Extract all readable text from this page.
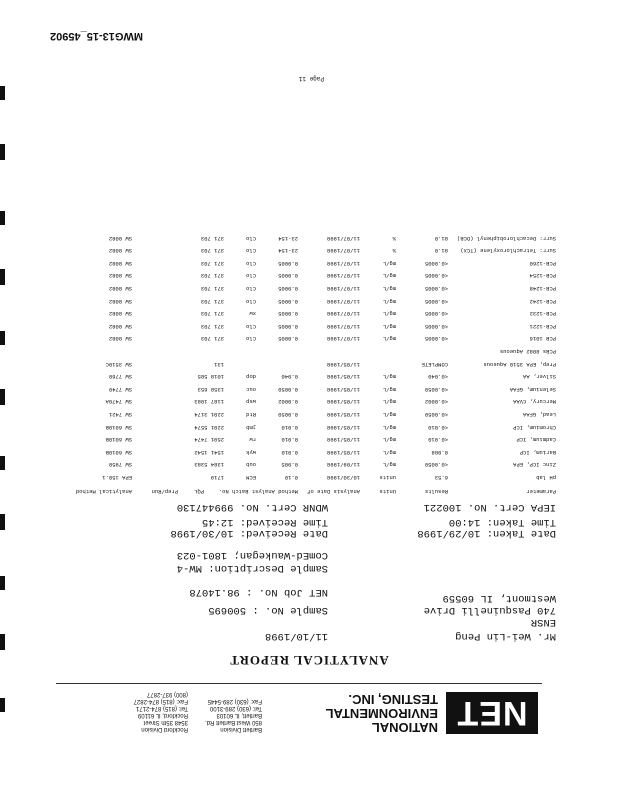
NET
NATIONAL
ENVIRONMENTAL
TESTING, INC.
Bartlett Division
850 West Bartlett Rd.
Bartlett, IL 60103
Tel: (630) 289-3100
Fax: (630) 289-5445
Rockford Division
3548 35th Street
Rockford, IL 61109
Tel: (815) 874-2171
Fax: (815) 874-2827
(800) 937-2877
ANALYTICAL REPORT
Mr. Wei-Lin Peng
ENSR
740 Pasquinelli Drive
Westmont, IL 60559
11/10/1998
Sample No. : 500695
NET Job No. : 98.14078
Sample Description: MW-4
ComEd-Waukegan; 1801-023
Date Taken: 10/29/1998
Time Taken: 14:00
Date Received: 10/30/1998
Time Received: 12:45
IEPA Cert. No. 100221
WDNR Cert. No. 999447130
Parameter
Results
Units
Analysis Date of
Method Analyst Batch No.
PQL
Prep/Run
Analytical Method
pH lab
6.53
units
10/30/1998
0.10
ECM
1719
EPA 150.1
Zinc ICP, EPA
<0.0050
mg/L
11/09/1998
0.005
oub
1384 5383
SW 7950
Barium, ICP
0.088
mg/L
11/05/1998
0.010
wyk
1541 1542
SW 6010B
Cadmium, ICP
<0.010
mg/L
11/05/1998
0.010
rw
2591 7474
SW 6010B
Chromium, ICP
<0.010
mg/L
11/05/1998
0.010
jmb
2201 5574
SW 6010B
Lead, GFAA
<0.0050
mg/L
11/05/1998
0.0050
Rtd
2201 3174
SW 7421
Mercury, CVAA
<0.0002
mg/L
11/05/1998
0.0002
wsp
1187 1083
SW 7470A
Selenium, GFAA
<0.0050
mg/L
11/05/1998
0.0050
ouc
1358 653
SW 7740
Silver, AA
<0.040
mg/L
11/05/1998
0.040
dop
1018 585
SW 7760
Prep, EPA 3510 Aqueous
COMPLETE
11/05/1998
131
SW 3510C
PCBs 8082 Aqueous
PCB 1016
<0.0005
mg/L
11/07/1998
0.0005
Clo
371 703
SW 8082
PCB-1221
<0.0005
mg/L
11/07/1998
0.0005
Clo
371 703
SW 8082
PCB-1232
<0.0005
mg/L
11/07/1998
0.0005
xw
371 703
SW 8082
PCB-1242
<0.0005
mg/L
11/07/1998
0.0005
Clo
371 703
SW 8082
PCB-1248
<0.0005
mg/L
11/07/1998
0.0005
Clo
371 703
SW 8082
PCB-1254
<0.0005
mg/L
11/07/1998
0.0005
Clo
371 703
SW 8082
PCB-1260
<0.0005
mg/L
11/07/1998
0.0005
Clo
371 703
SW 8082
Surr: Tetrachloroxylene (TCX)
81.0
%
11/07/1998
23-154
Clo
371 703
SW 8082
Surr: Decachlorobiphenyl (DCB)
81.0
%
11/07/1998
23-154
Clo
371 703
SW 8082
Page 11
MWG13-15_45902
